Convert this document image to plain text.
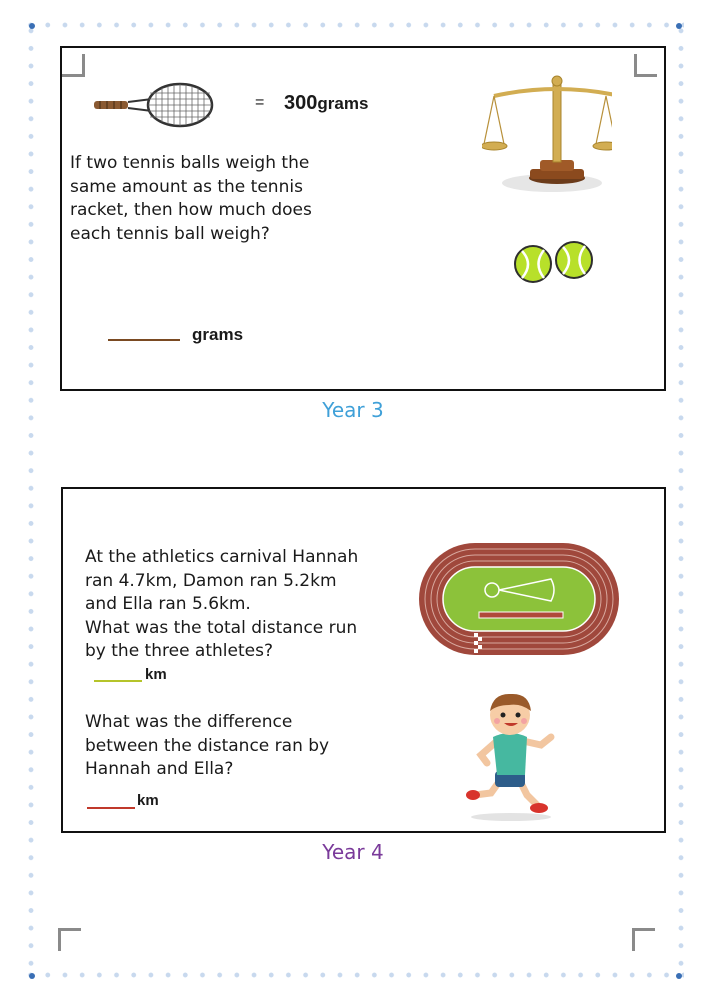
= 300grams
If two tennis balls weigh the
same amount as the tennis
racket, then how much does
each tennis ball weigh?
grams
Year 3
At the athletics carnival Hannah
ran 4.7km, Damon ran 5.2km
and Ella ran 5.6km.
What was the total distance run
by the three athletes?
km
What was the difference
between the distance ran by
Hannah and Ella?
km
Year 4
